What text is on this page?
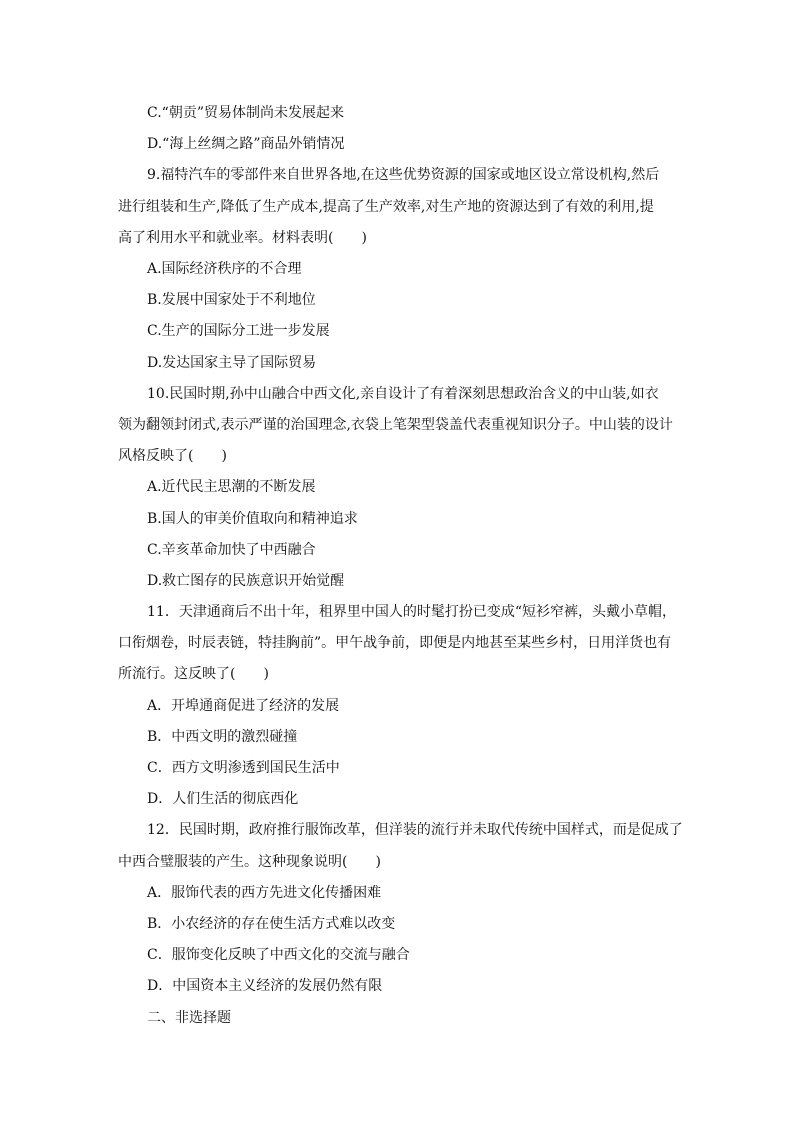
C.“朝贡”贸易体制尚未发展起来
D.“海上丝绸之路”商品外销情况
9.福特汽车的零部件来自世界各地,在这些优势资源的国家或地区设立常设机构,然后
进行组装和生产,降低了生产成本,提高了生产效率,对生产地的资源达到了有效的利用,提
高了利用水平和就业率。材料表明(　　)
A.国际经济秩序的不合理
B.发展中国家处于不利地位
C.生产的国际分工进一步发展
D.发达国家主导了国际贸易
10.民国时期,孙中山融合中西文化,亲自设计了有着深刻思想政治含义的中山装,如衣
领为翻领封闭式,表示严谨的治国理念,衣袋上笔架型袋盖代表重视知识分子。中山装的设计
风格反映了(　　)
A.近代民主思潮的不断发展
B.国人的审美价值取向和精神追求
C.辛亥革命加快了中西融合
D.救亡图存的民族意识开始觉醒
11．天津通商后不出十年，租界里中国人的时髦打扮已变成“短衫窄裤，头戴小草帽，
口衔烟卷，时辰表链，特挂胸前”。甲午战争前，即便是内地甚至某些乡村，日用洋货也有
所流行。这反映了(　　)
A．开埠通商促进了经济的发展
B．中西文明的激烈碰撞
C．西方文明渗透到国民生活中
D．人们生活的彻底西化
12．民国时期，政府推行服饰改革，但洋装的流行并未取代传统中国样式，而是促成了
中西合璧服装的产生。这种现象说明(　　)
A．服饰代表的西方先进文化传播困难
B．小农经济的存在使生活方式难以改变
C．服饰变化反映了中西文化的交流与融合
D．中国资本主义经济的发展仍然有限
二、非选择题
